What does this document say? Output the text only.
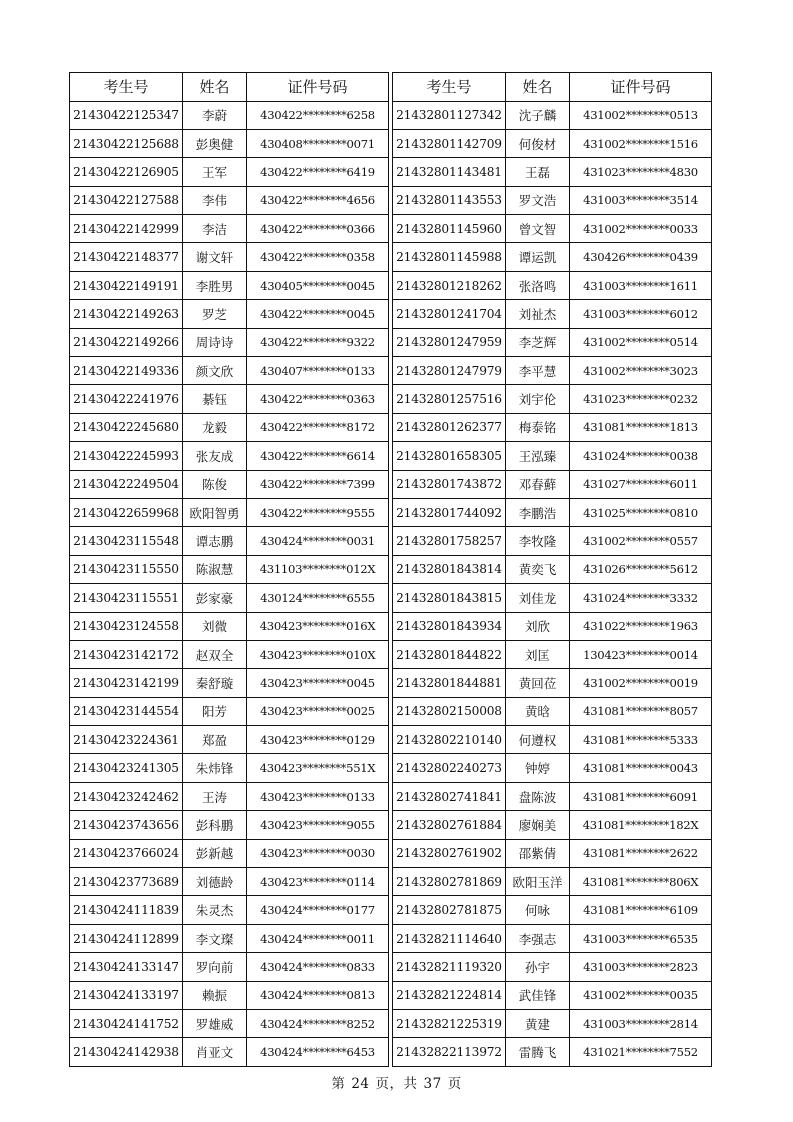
考生号	姓名	证件号码		考生号	姓名	证件号码
21430422125347	李蔚	430422********6258		21432801127342	沈子麟	431002********0513
21430422125688	彭奥健	430408********0071		21432801142709	何俊材	431002********1516
21430422126905	王军	430422********6419		21432801143481	王磊	431023********4830
21430422127588	李伟	430422********4656		21432801143553	罗文浩	431003********3514
21430422142999	李洁	430422********0366		21432801145960	曾文智	431002********0033
21430422148377	谢文轩	430422********0358		21432801145988	谭运凯	430426********0439
21430422149191	李胜男	430405********0045		21432801218262	张洛鸣	431003********1611
21430422149263	罗芝	430422********0045		21432801241704	刘祉杰	431003********6012
21430422149266	周诗诗	430422********9322		21432801247959	李芝辉	431002********0514
21430422149336	颜文欣	430407********0133		21432801247979	李平慧	431002********3023
21430422241976	綦钰	430422********0363		21432801257516	刘宇伦	431023********0232
21430422245680	龙毅	430422********8172		21432801262377	梅泰铭	431081********1813
21430422245993	张友成	430422********6614		21432801658305	王泓臻	431024********0038
21430422249504	陈俊	430422********7399		21432801743872	邓春蘚	431027********6011
21430422659968	欧阳智勇	430422********9555		21432801744092	李鹏浩	431025********0810
21430423115548	谭志鹏	430424********0031		21432801758257	李牧隆	431002********0557
21430423115550	陈淑慧	431103********012X		21432801843814	黄奕飞	431026********5612
21430423115551	彭家豪	430124********6555		21432801843815	刘佳龙	431024********3332
21430423124558	刘微	430423********016X		21432801843934	刘欣	431022********1963
21430423142172	赵双全	430423********010X		21432801844822	刘匡	130423********0014
21430423142199	秦舒璇	430423********0045		21432801844881	黄回莅	431002********0019
21430423144554	阳芳	430423********0025		21432802150008	黄晗	431081********8057
21430423224361	郑盈	430423********0129		21432802210140	何遵权	431081********5333
21430423241305	朱炜锋	430423********551X		21432802240273	钟婷	431081********0043
21430423242462	王涛	430423********0133		21432802741841	盘陈波	431081********6091
21430423743656	彭科鹏	430423********9055		21432802761884	廖娴美	431081********182X
21430423766024	彭新越	430423********0030		21432802761902	邵紫倩	431081********2622
21430423773689	刘德龄	430423********0114		21432802781869	欧阳玉洋	431081********806X
21430424111839	朱灵杰	430424********0177		21432802781875	何咏	431081********6109
21430424112899	李文璨	430424********0011		21432821114640	李强志	431003********6535
21430424133147	罗向前	430424********0833		21432821119320	孙宇	431003********2823
21430424133197	赖振	430424********0813		21432821224814	武佳锋	431002********0035
21430424141752	罗雄威	430424********8252		21432821225319	黄建	431003********2814
21430424142938	肖亚文	430424********6453		21432822113972	雷腾飞	431021********7552
第 24 页，共 37 页
